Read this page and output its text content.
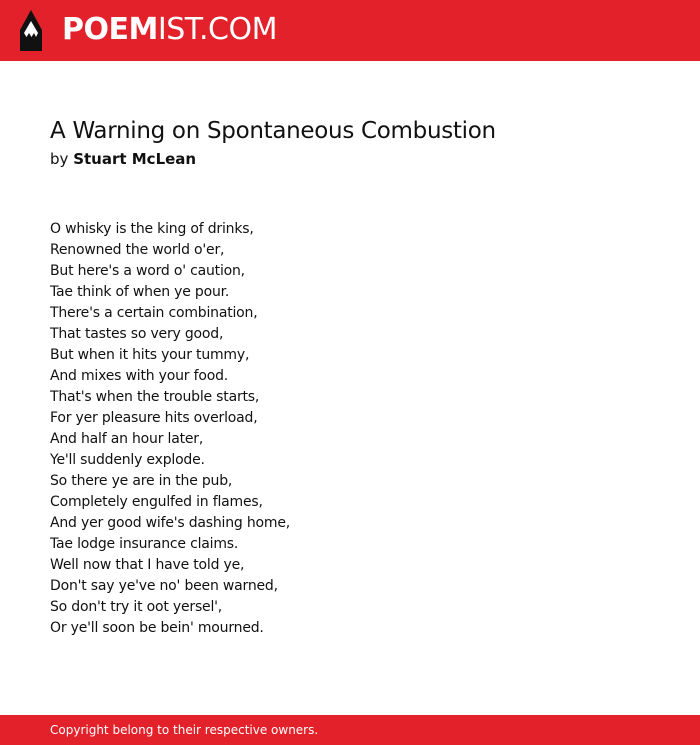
POEMIST.COM
A Warning on Spontaneous Combustion
by Stuart McLean
O whisky is the king of drinks,
Renowned the world o'er,
But here's a word o' caution,
Tae think of when ye pour.
There's a certain combination,
That tastes so very good,
But when it hits your tummy,
And mixes with your food.
That's when the trouble starts,
For yer pleasure hits overload,
And half an hour later,
Ye'll suddenly explode.
So there ye are in the pub,
Completely engulfed in flames,
And yer good wife's dashing home,
Tae lodge insurance claims.
Well now that I have told ye,
Don't say ye've no' been warned,
So don't try it oot yersel',
Or ye'll soon be bein' mourned.
Copyright belong to their respective owners.
